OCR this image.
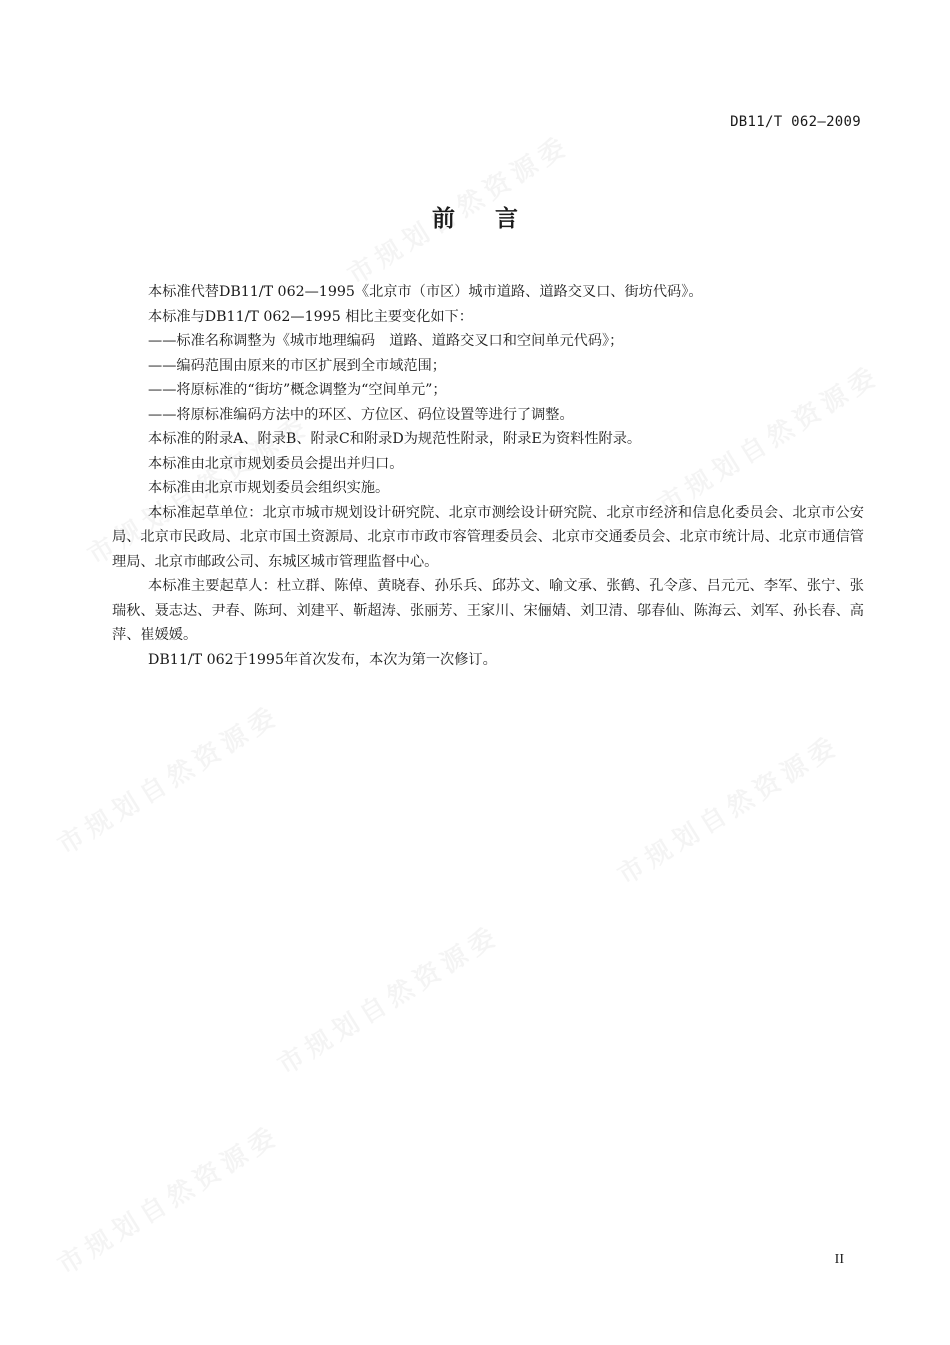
DB11/T 062—2009
前言

本标准代替DB11/T 062—1995《北京市（市区）城市道路、道路交叉口、街坊代码》。

本标准与DB11/T 062—1995 相比主要变化如下：

——标准名称调整为《城市地理编码　道路、道路交叉口和空间单元代码》；

——编码范围由原来的市区扩展到全市域范围；

——将原标准的“街坊”概念调整为“空间单元”；

——将原标准编码方法中的环区、方位区、码位设置等进行了调整。

本标准的附录A、附录B、附录C和附录D为规范性附录，附录E为资料性附录。

本标准由北京市规划委员会提出并归口。

本标准由北京市规划委员会组织实施。

本标准起草单位：北京市城市规划设计研究院、北京市测绘设计研究院、北京市经济和信息化委员会、北京市公安局、北京市民政局、北京市国土资源局、北京市市政市容管理委员会、北京市交通委员会、北京市统计局、北京市通信管理局、北京市邮政公司、东城区城市管理监督中心。

本标准主要起草人：杜立群、陈倬、黄晓春、孙乐兵、邱苏文、喻文承、张鹤、孔令彦、吕元元、李军、张宁、张瑞秋、聂志达、尹春、陈珂、刘建平、靳超涛、张丽芳、王家川、宋俪婧、刘卫清、邬春仙、陈海云、刘军、孙长春、高萍、崔媛媛。

DB11/T 062于1995年首次发布，本次为第一次修订。

II
